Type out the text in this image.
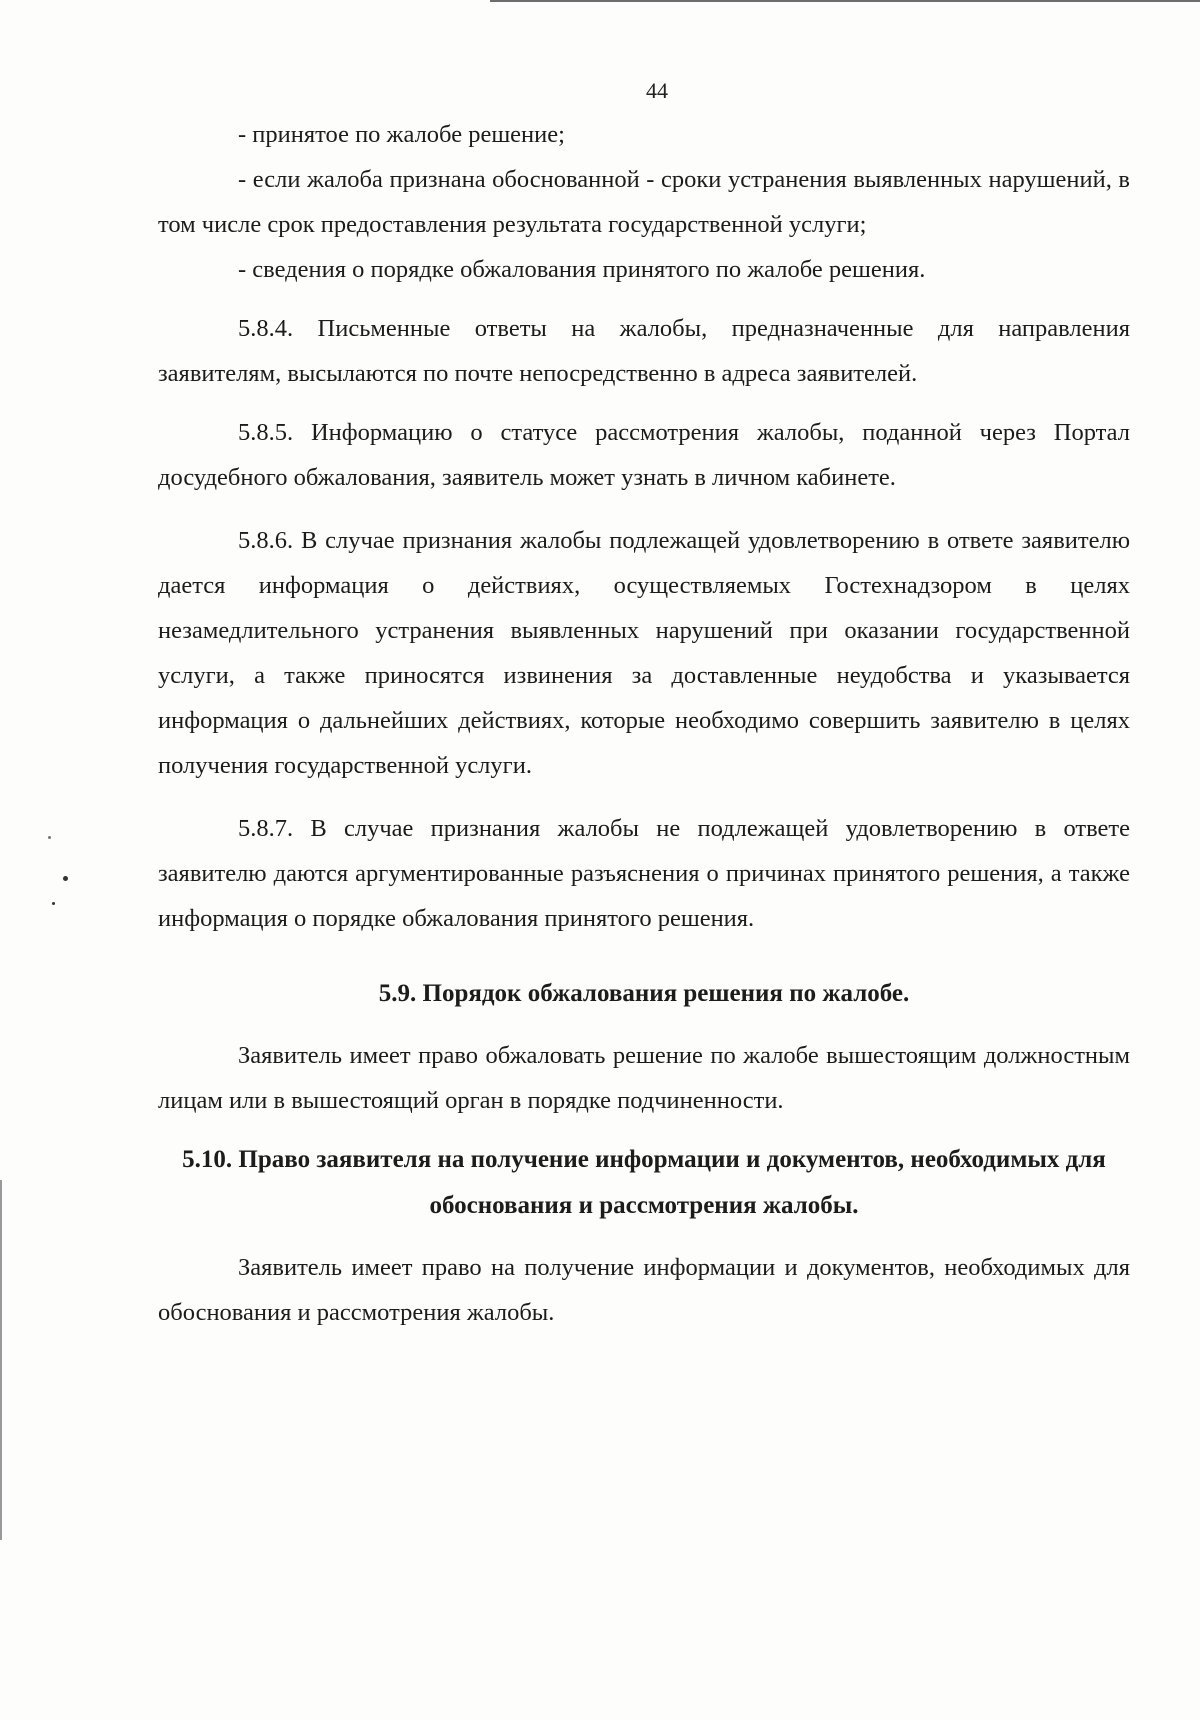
44

- принятое по жалобе решение;

- если жалоба признана обоснованной - сроки устранения выявленных нарушений, в том числе срок предоставления результата государственной услуги;

- сведения о порядке обжалования принятого по жалобе решения.

5.8.4. Письменные ответы на жалобы, предназначенные для направления заявителям, высылаются по почте непосредственно в адреса заявителей.

5.8.5. Информацию о статусе рассмотрения жалобы, поданной через Портал досудебного обжалования, заявитель может узнать в личном кабинете.

5.8.6. В случае признания жалобы подлежащей удовлетворению в ответе заявителю дается информация о действиях, осуществляемых Гостехнадзором в целях незамедлительного устранения выявленных нарушений при оказании государственной услуги, а также приносятся извинения за доставленные неудобства и указывается информация о дальнейших действиях, которые необходимо совершить заявителю в целях получения государственной услуги.

5.8.7. В случае признания жалобы не подлежащей удовлетворению в ответе заявителю даются аргументированные разъяснения о причинах принятого решения, а также информация о порядке обжалования принятого решения.

5.9. Порядок обжалования решения по жалобе.

Заявитель имеет право обжаловать решение по жалобе вышестоящим должностным лицам или в вышестоящий орган в порядке подчиненности.

5.10. Право заявителя на получение информации и документов, необходимых для обоснования и рассмотрения жалобы.

Заявитель имеет право на получение информации и документов, необходимых для обоснования и рассмотрения жалобы.
